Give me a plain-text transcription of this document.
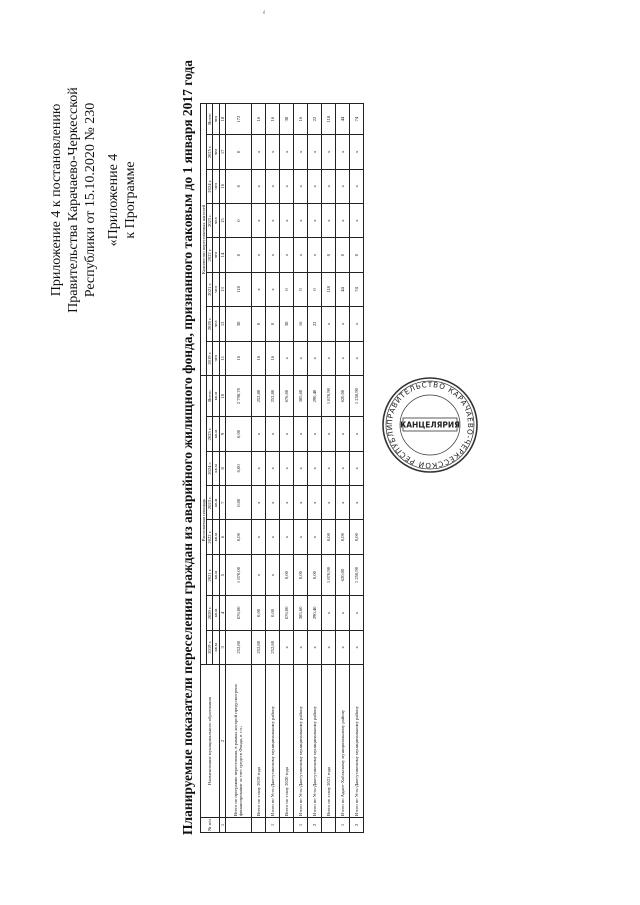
Приложение 4 к постановлению Правительства Карачаево-Черкесской Республики от 15.10.2020 № 230 «Приложение 4 к Программе	Планируемые показатели переселения граждан из аварийного жилищного фонда, признанного таковым до 1 января 2017 года	№ п/п	Наименование муниципального образования	Расселяемая площадь								Количество переселяемых жителей							
		2019 г.	2020 г.	2021 г.	2022 г.	2023 г.	2024 г.	2025 г.	Всего	2019 г.	2020 г.	2021 г.	2022 г.	2023 г.	2024 г.	2025 г.	Всего
		кв.м	кв.м	кв.м	кв.м	кв.м	кв.м	кв.м	кв.м	чел	чел	чел	чел	чел	чел	чел	чел
1	2	3	4	5	6	7	8	9	10	11	12	13	14	15	16	17	18
	Всего по программе переселения, в рамках которой предусмотрено финансирование за счет средств Фонда, в т.ч.:	252,80	676,00	1 870,00	0,00	0,00	0,00	0,00	2 798,70	16	38	118	0	0	0	0	172
	Всего по этапу 2019 года	252,80	0,00	х	х	х	х	х	252,80	16	0	х	х	х	х	х	16
1	Итого по Усть-Джегутинскому муниципальному району	252,80	0,00	х	х	х	х	х	252,80	16	0	х	х	х	х	х	16
	Всего по этапу 2020 года	х	676,00	0,00	х	х	х	х	676,00	х	38	0	х	х	х	х	38
1	Итого по Усть-Джегутинскому муниципальному району	х	385,60	0,00	х	х	х	х	385,60	х	16	0	х	х	х	х	16
2	Итого по Усть-Джегутинскому муниципальному району	х	290,40	0,00	х	х	х	х	290,40	х	22	0	х	х	х	х	22
	Всего по этапу 2021 года	х	х	1 870,90	0,00	х	х	х	1 870,90	х	х	118	0	х	х	х	118
1	Итого по Адыге-Хабльскому муниципальному району	х	х	620,00	0,00	х	х	х	620,00	х	х	44	0	х	х	х	44
2	Итого по Усть-Джегутинскому муниципальному району	х	х	1 250,90	0,00	х	х	х	1 250,90	х	х	74	0	х	х	х	74
».
ПРАВИТЕЛЬСТВО КАРАЧАЕВО-ЧЕРКЕССКОЙ РЕСПУБЛИ КАНЦЕЛЯРИЯ
